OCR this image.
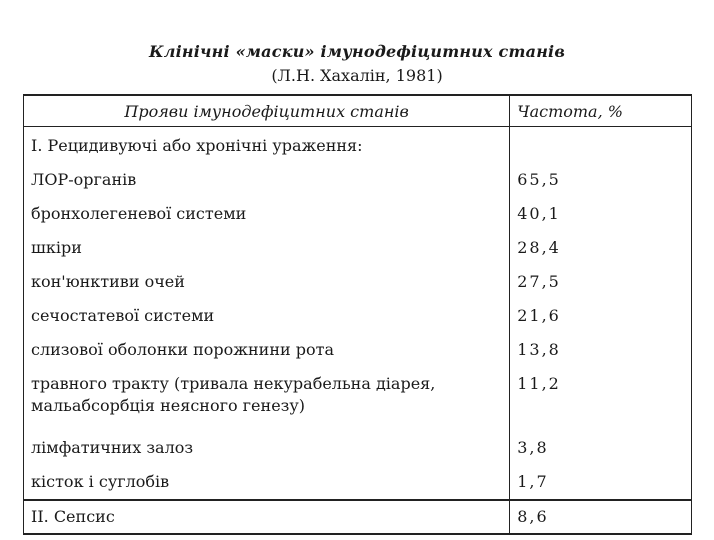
Клінічні «маски» імунодефіцитних станів
(Л.Н. Хахалін, 1981)
Прояви імунодефіцитних станів	Частота, %
І. Рецидивуючі або хронічні ураження:	
ЛОР-органів	65,5
бронхолегеневої системи	40,1
шкіри	28,4
кон'юнктиви очей	27,5
сечостатевої системи	21,6
слизової оболонки порожнини рота	13,8

травного тракту (тривала некурабельна діарея,
мальабсорбція неясного генезу)	11,2
лімфатичних залоз	3,8
кісток і суглобів	1,7
ІІ. Сепсис	8,6
